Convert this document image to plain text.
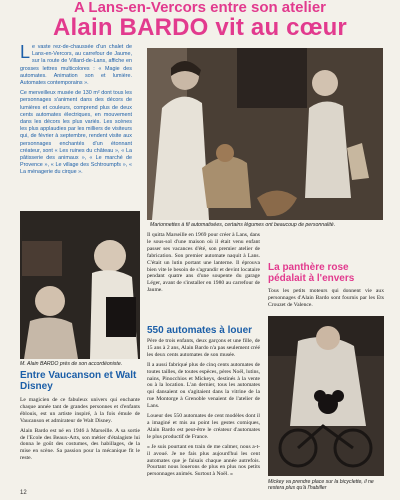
A Lans-en-Vercors entre son atelier
Alain BARDO vit au cœur

Le vaste rez-de-chaussée d'un chalet de Lans-en-Vercors, au carrefour de Jaume, sur la route de Villard-de-Lans, affiche en grosses lettres multicolores : « Magie des automates. Animation son et lumière. Automates contemporains ».

Ce merveilleux musée de 130 m² dont tous les personnages s'animent dans des décors de lumières et couleurs, comprend plus de deux cents automates électriques, en mouvement dans les décors les plus variés. Les scènes les plus applaudies par les milliers de visiteurs qui, de février à septembre, rendent visite aux personnages enchantés d'un étonnant créateur, sont « Les ruines du château », « La pâtisserie des animaux », « Le marché de Provence », « Le village des Schtroumpfs », « La ménagerie du cirque ».

Marionnettes à fil automatisées, certains légumes ont beaucoup de personnalité.
M. Alain BARDO près de son accordéoniste.
Entre Vaucanson et Walt Disney

Le magicien de ce fabuleux univers qui enchante chaque année tant de grandes personnes et d'enfants éblouis, est un artiste inspiré, à la fois émule de Vaucanson et admirateur de Walt Disney.

Alain Bardo est né en 1946 à Marseille. A sa sortie de l'Ecole des Beaux-Arts, son métier d'étalagiste lui donna le goût des costumes, des habillages, de la mise en scène. Sa passion pour la mécanique fit le reste.

Il quitta Marseille en 1969 pour créer à Lans, dans le sous-sol d'une maison où il était venu enfant passer ses vacances d'été, son premier atelier de fabrication. Son premier automate naquit à Lans. C'était un lutin portant une lanterne. Il éprouva bien vite le besoin de s'agrandir et devint locataire pendant quatre ans d'une soupente du garage Léger, avant de s'installer en 1980 au carrefour de Jaume.

550 automates à louer

Père de trois enfants, deux garçons et une fille, de 15 ans à 2 ans, Alain Bardo n'a pas seulement créé les deux cents automates de son musée.

Il a aussi fabriqué plus de cinq cents automates de toutes tailles, de toutes espèces, pères Noël, lutins, nains, Pinocchios et Mickeys, destinés à la vente ou à la location. L'an dernier, tous les automates qui dansaient ou s'agitaient dans la vitrine de la rue Montorge à Grenoble venaient de l'atelier de Lans.

Loueur des 550 automates de cent modèles dont il a imaginé et mis au point les gestes comiques, Alain Bardo est peut-être le créateur d'automates le plus productif de France.

« Je suis pourtant en train de me calmer, nous a-t-il avoué. Je ne fais plus aujourd'hui les cent automates que je faisais chaque année autrefois. Pourtant nous louerons de plus en plus nos petits personnages animés. Surtout à Noël. »

La panthère rose pédalait à l'envers

Tous les petits moteurs qui donnent vie aux personnages d'Alain Bardo sont fournis par les Ets Crouzet de Valence.

Mickey va prendre place sur la bicyclette, il ne restera plus qu'à l'habiller
12
